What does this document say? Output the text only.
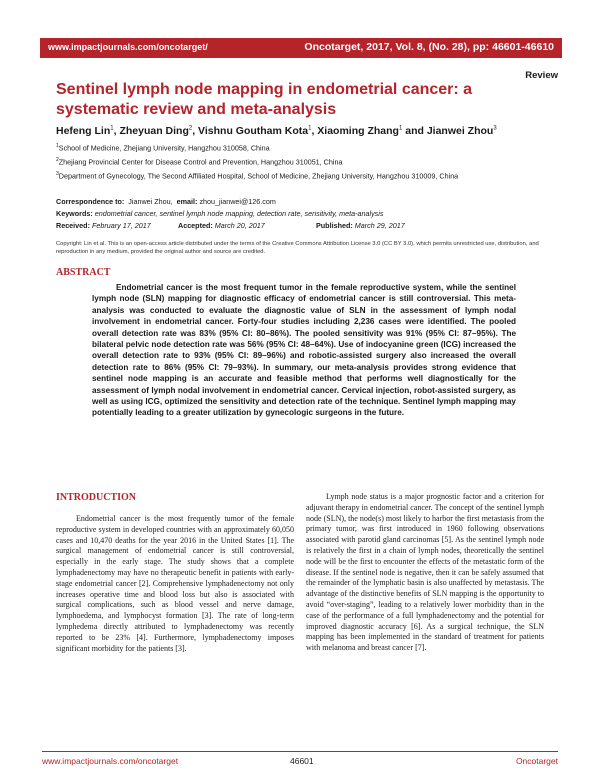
www.impactjournals.com/oncotarget/	Oncotarget, 2017, Vol. 8, (No. 28), pp: 46601-46610
Review
Sentinel lymph node mapping in endometrial cancer: a systematic review and meta-analysis
Hefeng Lin$^1$, Zheyuan Ding$^2$, Vishnu Goutham Kota$^1$, Xiaoming Zhang$^1$ and Jianwei Zhou$^3$
$^1$School of Medicine, Zhejiang University, Hangzhou 310058, China
$^2$Zhejiang Provincial Center for Disease Control and Prevention, Hangzhou 310051, China
$^3$Department of Gynecology, The Second Affiliated Hospital, School of Medicine, Zhejiang University, Hangzhou 310009, China
Correspondence to: Jianwei Zhou, email: zhou_jianwei@126.com
Keywords: endometrial cancer, sentinel lymph node mapping, detection rate, sensitivity, meta-analysis
Received: February 17, 2017	Accepted: March 20, 2017	Published: March 29, 2017
Copyright: Lin et al. This is an open-access article distributed under the terms of the Creative Commons Attribution License 3.0 (CC BY 3.0), which permits unrestricted use, distribution, and reproduction in any medium, provided the original author and source are credited.
ABSTRACT
Endometrial cancer is the most frequent tumor in the female reproductive system, while the sentinel lymph node (SLN) mapping for diagnostic efficacy of endometrial cancer is still controversial. This meta-analysis was conducted to evaluate the diagnostic value of SLN in the assessment of lymph nodal involvement in endometrial cancer. Forty-four studies including 2,236 cases were identified. The pooled overall detection rate was 83% (95% CI: 80–86%). The pooled sensitivity was 91% (95% CI: 87–95%). The bilateral pelvic node detection rate was 56% (95% CI: 48–64%). Use of indocyanine green (ICG) increased the overall detection rate to 93% (95% CI: 89–96%) and robotic-assisted surgery also increased the overall detection rate to 86% (95% CI: 79–93%). In summary, our meta-analysis provides strong evidence that sentinel node mapping is an accurate and feasible method that performs well diagnostically for the assessment of lymph nodal involvement in endometrial cancer. Cervical injection, robot-assisted surgery, as well as using ICG, optimized the sensitivity and detection rate of the technique. Sentinel lymph mapping may potentially leading to a greater utilization by gynecologic surgeons in the future.
INTRODUCTION

Endometrial cancer is the most frequently tumor of the female reproductive system in developed countries with an approximately 60,050 cases and 10,470 deaths for the year 2016 in the United States [1]. The surgical management of endometrial cancer is still controversial, especially in the early stage. The study shows that a complete lymphadenectomy may have no therapeutic benefit in patients with early-stage endometrial cancer [2]. Comprehensive lymphadenectomy not only increases operative time and blood loss but also is associated with surgical complications, such as blood vessel and nerve damage, lymphoedema, and lymphocyst formation [3]. The rate of long-term lymphedema directly attributed to lymphadenectomy was recently reported to be 23% [4]. Furthermore, lymphadenectomy imposes significant morbidity for the patients [3].

Lymph node status is a major prognostic factor and a criterion for adjuvant therapy in endometrial cancer. The concept of the sentinel lymph node (SLN), the node(s) most likely to harbor the first metastasis from the primary tumor, was first introduced in 1960 following observations associated with parotid gland carcinomas [5]. As the sentinel lymph node is relatively the first in a chain of lymph nodes, theoretically the sentinel node will be the first to encounter the effects of the metastatic form of the disease. If the sentinel node is negative, then it can be safely assumed that the remainder of the lymphatic basin is also unaffected by metastasis. The advantage of the distinctive benefits of SLN mapping is the opportunity to avoid “over-staging”, leading to a relatively lower morbidity than in the case of the performance of a full lymphadenectomy and the potential for improved diagnostic accuracy [6]. As a surgical technique, the SLN mapping has been implemented in the standard of treatment for patients with melanoma and breast cancer [7].

www.impactjournals.com/oncotarget	46601	Oncotarget
